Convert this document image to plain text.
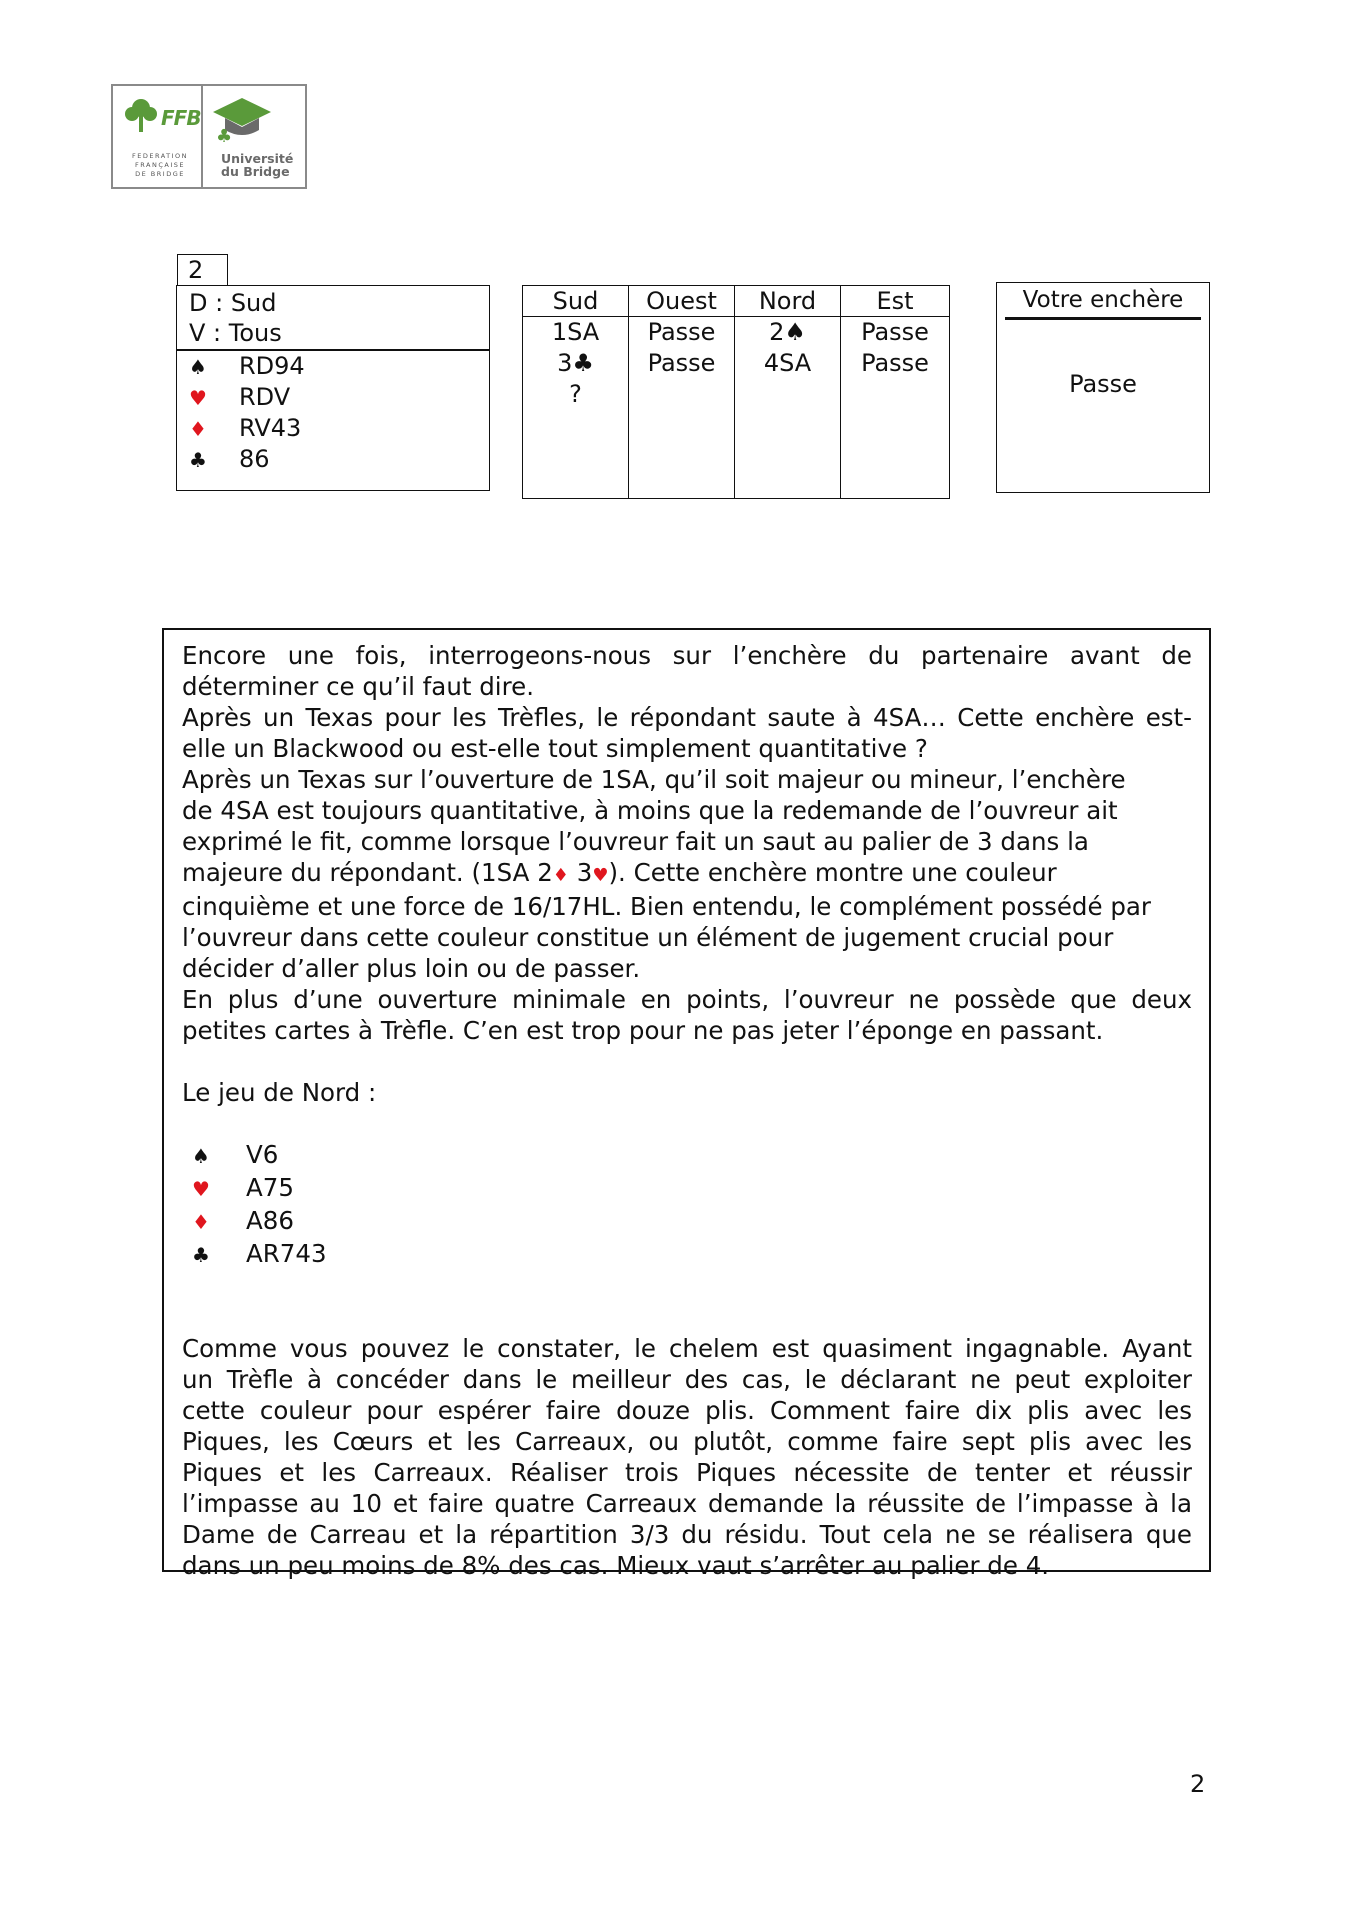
FFB
FEDERATION
FRANÇAISE
DE BRIDGE
♣
Université
du Bridge
2
D : Sud
V : Tous
♠ RD94
♥ RDV
♦ RV43
♣ 86
Sud
1SA
3♣
?
Ouest
Passe
Passe
Nord
2♠
4SA
Est
Passe
Passe
Votre enchère
Passe

Encore une fois, interrogeons-nous sur l’enchère du partenaire avant de

déterminer ce qu’il faut dire.

Après un Texas pour les Trèfles, le répondant saute à 4SA… Cette enchère est-

elle un Blackwood ou est-elle tout simplement quantitative ?

Après un Texas sur l’ouverture de 1SA, qu’il soit majeur ou mineur, l’enchère

de 4SA est toujours quantitative, à moins que la redemande de l’ouvreur ait

exprimé le fit, comme lorsque l’ouvreur fait un saut au palier de 3 dans la

majeure du répondant. (1SA 2♦ 3♥). Cette enchère montre une couleur

cinquième et une force de 16/17HL. Bien entendu, le complément possédé par

l’ouvreur dans cette couleur constitue un élément de jugement crucial pour

décider d’aller plus loin ou de passer.

En plus d’une ouverture minimale en points, l’ouvreur ne possède que deux

petites cartes à Trèfle. C’en est trop pour ne pas jeter l’éponge en passant.

Le jeu de Nord :

♠ V6
♥ A75
♦ A86
♣ AR743

Comme vous pouvez le constater, le chelem est quasiment ingagnable. Ayant

un Trèfle à concéder dans le meilleur des cas, le déclarant ne peut exploiter

cette couleur pour espérer faire douze plis. Comment faire dix plis avec les

Piques, les Cœurs et les Carreaux, ou plutôt, comme faire sept plis avec les

Piques et les Carreaux. Réaliser trois Piques nécessite de tenter et réussir

l’impasse au 10 et faire quatre Carreaux demande la réussite de l’impasse à la

Dame de Carreau et la répartition 3/3 du résidu. Tout cela ne se réalisera que

dans un peu moins de 8% des cas. Mieux vaut s’arrêter au palier de 4.

2
